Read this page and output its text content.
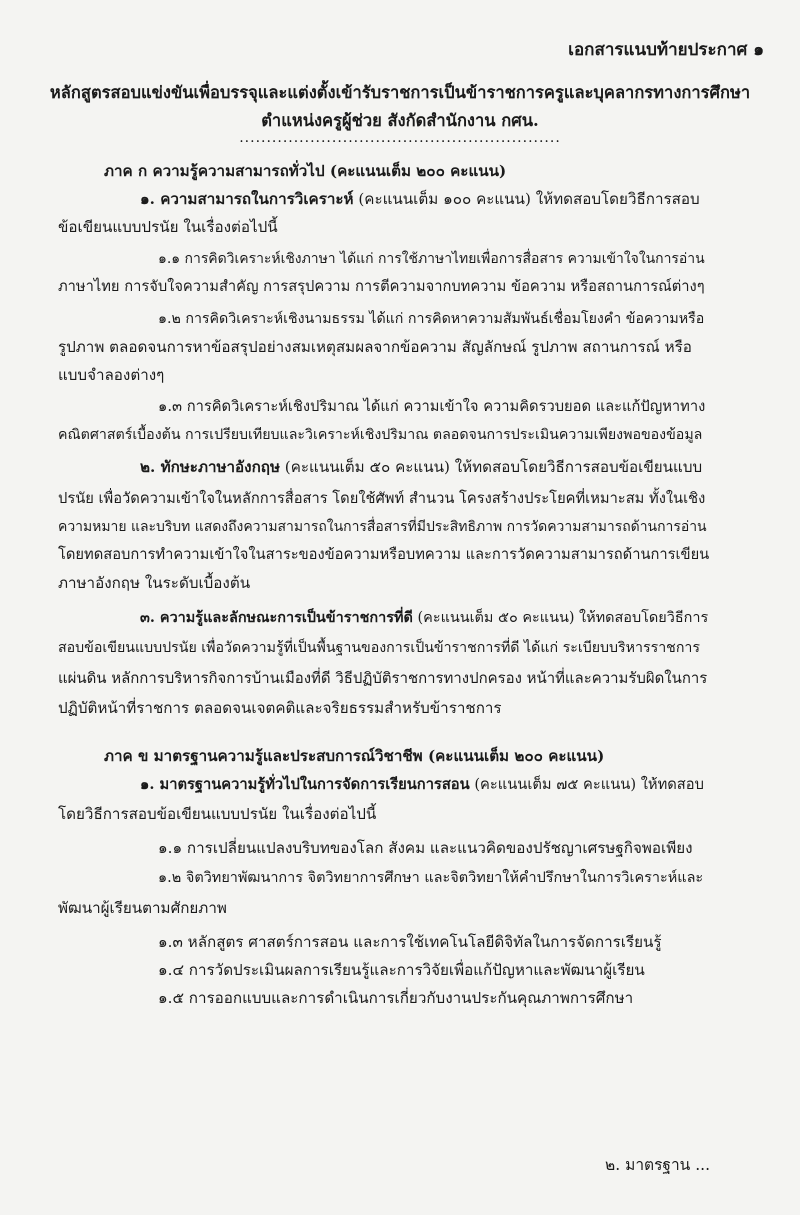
เอกสารแนบท้ายประกาศ ๑
หลักสูตรสอบแข่งขันเพื่อบรรจุและแต่งตั้งเข้ารับราชการเป็นข้าราชการครูและบุคลากรทางการศึกษา
ตำแหน่งครูผู้ช่วย สังกัดสำนักงาน กศน.
...........................................................
ภาค ก ความรู้ความสามารถทั่วไป (คะแนนเต็ม ๒๐๐ คะแนน)
๑. ความสามารถในการวิเคราะห์ (คะแนนเต็ม ๑๐๐ คะแนน) ให้ทดสอบโดยวิธีการสอบ
ข้อเขียนแบบปรนัย ในเรื่องต่อไปนี้
๑.๑ การคิดวิเคราะห์เชิงภาษา ได้แก่ การใช้ภาษาไทยเพื่อการสื่อสาร ความเข้าใจในการอ่าน
ภาษาไทย การจับใจความสำคัญ การสรุปความ การตีความจากบทความ ข้อความ หรือสถานการณ์ต่างๆ
๑.๒ การคิดวิเคราะห์เชิงนามธรรม ได้แก่ การคิดหาความสัมพันธ์เชื่อมโยงคำ ข้อความหรือ
รูปภาพ ตลอดจนการหาข้อสรุปอย่างสมเหตุสมผลจากข้อความ สัญลักษณ์ รูปภาพ สถานการณ์ หรือ
แบบจำลองต่างๆ
๑.๓ การคิดวิเคราะห์เชิงปริมาณ ได้แก่ ความเข้าใจ ความคิดรวบยอด และแก้ปัญหาทาง
คณิตศาสตร์เบื้องต้น การเปรียบเทียบและวิเคราะห์เชิงปริมาณ ตลอดจนการประเมินความเพียงพอของข้อมูล
๒. ทักษะภาษาอังกฤษ (คะแนนเต็ม ๕๐ คะแนน) ให้ทดสอบโดยวิธีการสอบข้อเขียนแบบ
ปรนัย เพื่อวัดความเข้าใจในหลักการสื่อสาร โดยใช้ศัพท์ สำนวน โครงสร้างประโยคที่เหมาะสม ทั้งในเชิง
ความหมาย และบริบท แสดงถึงความสามารถในการสื่อสารที่มีประสิทธิภาพ การวัดความสามารถด้านการอ่าน
โดยทดสอบการทำความเข้าใจในสาระของข้อความหรือบทความ และการวัดความสามารถด้านการเขียน
ภาษาอังกฤษ ในระดับเบื้องต้น
๓. ความรู้และลักษณะการเป็นข้าราชการที่ดี (คะแนนเต็ม ๕๐ คะแนน) ให้ทดสอบโดยวิธีการ
สอบข้อเขียนแบบปรนัย เพื่อวัดความรู้ที่เป็นพื้นฐานของการเป็นข้าราชการที่ดี ได้แก่ ระเบียบบริหารราชการ
แผ่นดิน หลักการบริหารกิจการบ้านเมืองที่ดี วิธีปฏิบัติราชการทางปกครอง หน้าที่และความรับผิดในการ
ปฏิบัติหน้าที่ราชการ ตลอดจนเจตคติและจริยธรรมสำหรับข้าราชการ
ภาค ข มาตรฐานความรู้และประสบการณ์วิชาชีพ (คะแนนเต็ม ๒๐๐ คะแนน)
๑. มาตรฐานความรู้ทั่วไปในการจัดการเรียนการสอน (คะแนนเต็ม ๗๕ คะแนน) ให้ทดสอบ
โดยวิธีการสอบข้อเขียนแบบปรนัย ในเรื่องต่อไปนี้
๑.๑ การเปลี่ยนแปลงบริบทของโลก สังคม และแนวคิดของปรัชญาเศรษฐกิจพอเพียง
๑.๒ จิตวิทยาพัฒนาการ จิตวิทยาการศึกษา และจิตวิทยาให้คำปรึกษาในการวิเคราะห์และ
พัฒนาผู้เรียนตามศักยภาพ
๑.๓ หลักสูตร ศาสตร์การสอน และการใช้เทคโนโลยีดิจิทัลในการจัดการเรียนรู้
๑.๔ การวัดประเมินผลการเรียนรู้และการวิจัยเพื่อแก้ปัญหาและพัฒนาผู้เรียน
๑.๕ การออกแบบและการดำเนินการเกี่ยวกับงานประกันคุณภาพการศึกษา
๒. มาตรฐาน ...
